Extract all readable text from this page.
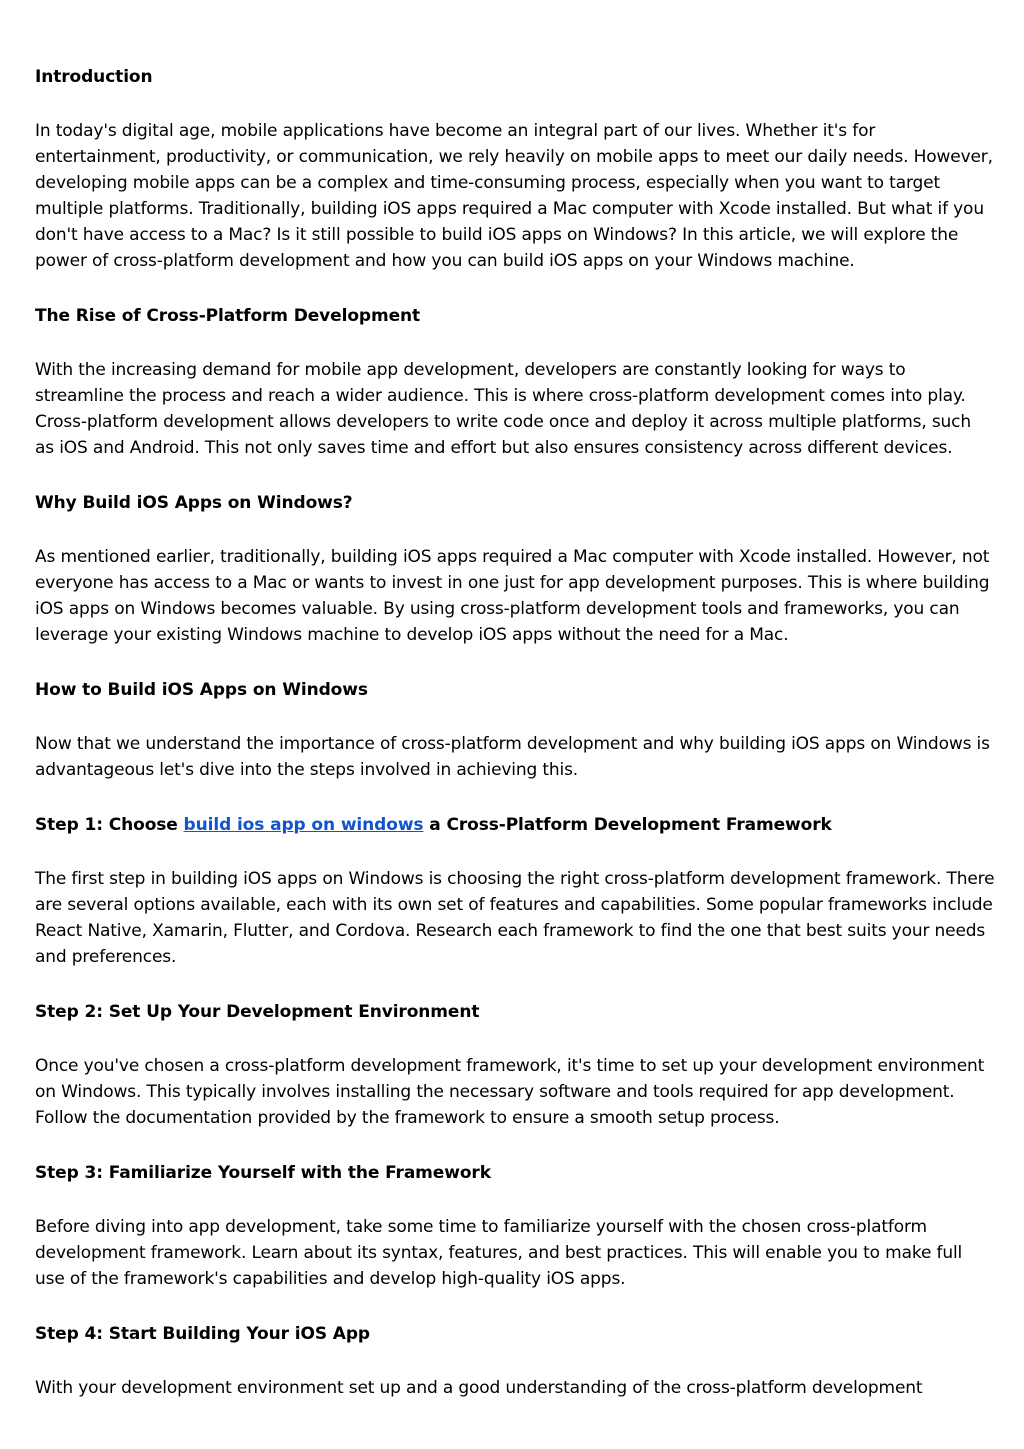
Introduction
In today's digital age, mobile applications have become an integral part of our lives. Whether it's for entertainment, productivity, or communication, we rely heavily on mobile apps to meet our daily needs. However, developing mobile apps can be a complex and time-consuming process, especially when you want to target multiple platforms. Traditionally, building iOS apps required a Mac computer with Xcode installed. But what if you don't have access to a Mac? Is it still possible to build iOS apps on Windows? In this article, we will explore the power of cross-platform development and how you can build iOS apps on your Windows machine.
The Rise of Cross-Platform Development
With the increasing demand for mobile app development, developers are constantly looking for ways to streamline the process and reach a wider audience. This is where cross-platform development comes into play. Cross-platform development allows developers to write code once and deploy it across multiple platforms, such as iOS and Android. This not only saves time and effort but also ensures consistency across different devices.
Why Build iOS Apps on Windows?
As mentioned earlier, traditionally, building iOS apps required a Mac computer with Xcode installed. However, not everyone has access to a Mac or wants to invest in one just for app development purposes. This is where building iOS apps on Windows becomes valuable. By using cross-platform development tools and frameworks, you can leverage your existing Windows machine to develop iOS apps without the need for a Mac.
How to Build iOS Apps on Windows
Now that we understand the importance of cross-platform development and why building iOS apps on Windows is advantageous let's dive into the steps involved in achieving this.
Step 1: Choose build ios app on windows a Cross-Platform Development Framework
The first step in building iOS apps on Windows is choosing the right cross-platform development framework. There are several options available, each with its own set of features and capabilities. Some popular frameworks include React Native, Xamarin, Flutter, and Cordova. Research each framework to find the one that best suits your needs and preferences.
Step 2: Set Up Your Development Environment
Once you've chosen a cross-platform development framework, it's time to set up your development environment on Windows. This typically involves installing the necessary software and tools required for app development. Follow the documentation provided by the framework to ensure a smooth setup process.
Step 3: Familiarize Yourself with the Framework
Before diving into app development, take some time to familiarize yourself with the chosen cross-platform development framework. Learn about its syntax, features, and best practices. This will enable you to make full use of the framework's capabilities and develop high-quality iOS apps.
Step 4: Start Building Your iOS App
With your development environment set up and a good understanding of the cross-platform development
